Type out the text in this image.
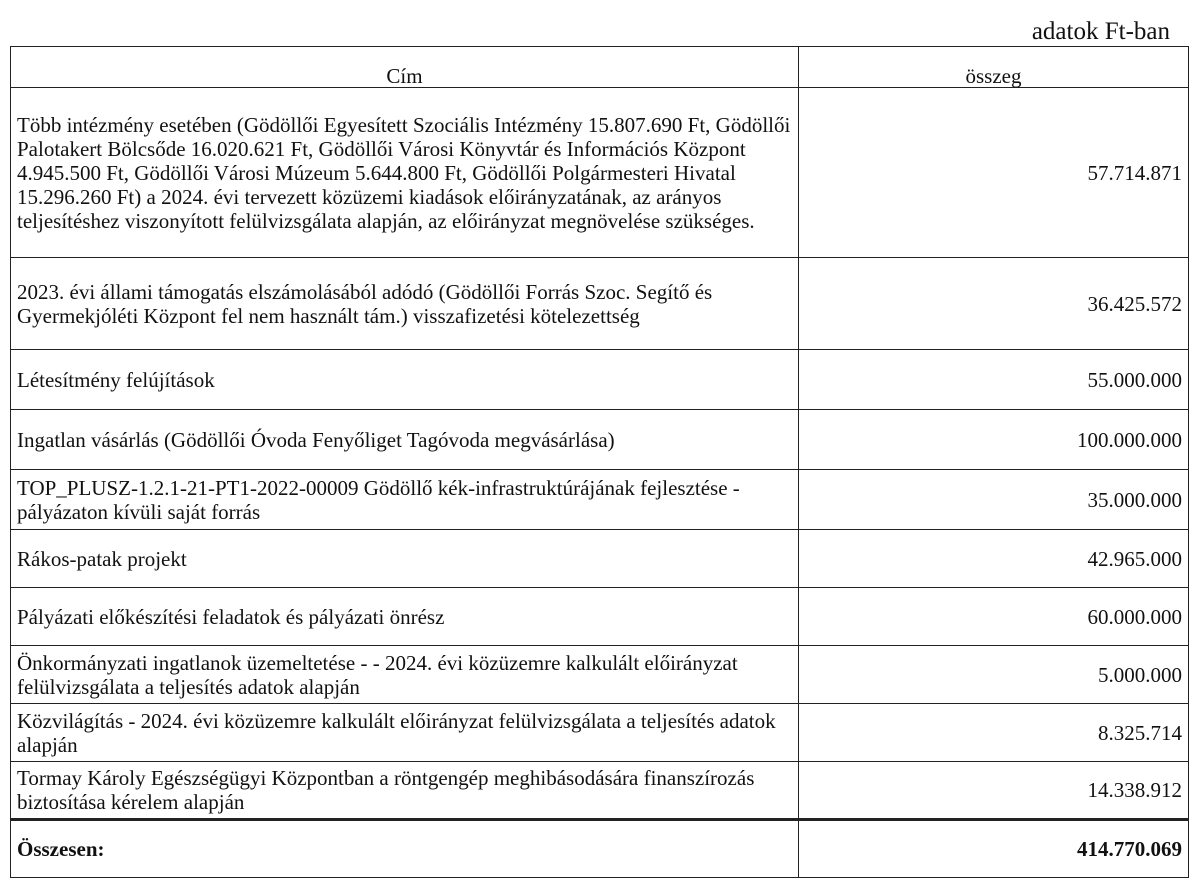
adatok Ft-ban
Cím	összeg
Több intézmény esetében (Gödöllői Egyesített Szociális Intézmény 15.807.690 Ft, Gödöllői Palotakert Bölcsőde 16.020.621 Ft, Gödöllői Városi Könyvtár és Információs Központ 4.945.500 Ft, Gödöllői Városi Múzeum 5.644.800 Ft, Gödöllői Polgármesteri Hivatal 15.296.260 Ft) a 2024. évi tervezett közüzemi kiadások előirányzatának, az arányos teljesítéshez viszonyított felülvizsgálata alapján, az előirányzat megnövelése szükséges.	57.714.871
2023. évi állami támogatás elszámolásából adódó (Gödöllői Forrás Szoc. Segítő és Gyermekjóléti Központ fel nem használt tám.) visszafizetési kötelezettség	36.425.572
Létesítmény felújítások	55.000.000
Ingatlan vásárlás (Gödöllői Óvoda Fenyőliget Tagóvoda megvásárlása)	100.000.000
TOP_PLUSZ-1.2.1-21-PT1-2022-00009 Gödöllő kék-infrastruktúrájának fejlesztése - pályázaton kívüli saját forrás	35.000.000
Rákos-patak projekt	42.965.000
Pályázati előkészítési feladatok és pályázati önrész	60.000.000
Önkormányzati ingatlanok üzemeltetése - - 2024. évi közüzemre kalkulált előirányzat felülvizsgálata a teljesítés adatok alapján	5.000.000
Közvilágítás - 2024. évi közüzemre kalkulált előirányzat felülvizsgálata a teljesítés adatok alapján	8.325.714
Tormay Károly Egészségügyi Központban a röntgengép meghibásodására finanszírozás biztosítása kérelem alapján	14.338.912
Összesen:	414.770.069
